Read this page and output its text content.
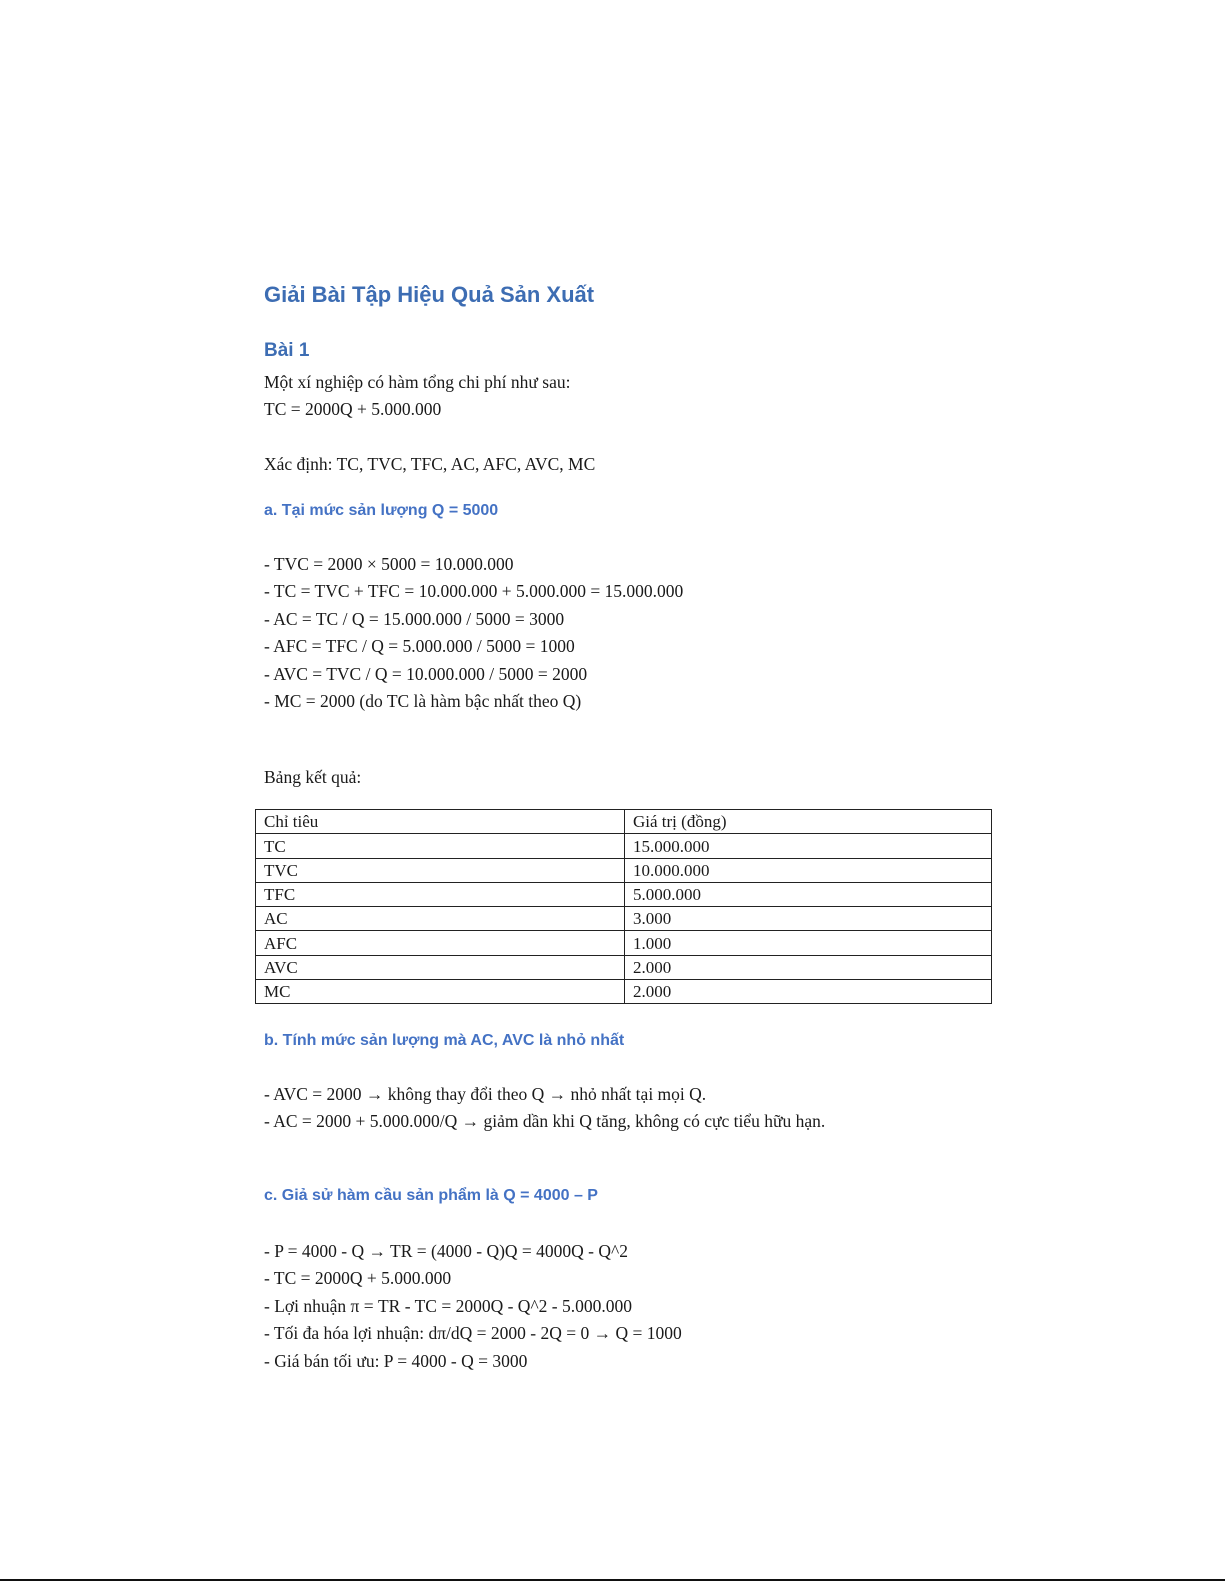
Giải Bài Tập Hiệu Quả Sản Xuất
Bài 1

Một xí nghiệp có hàm tổng chi phí như sau:

TC = 2000Q + 5.000.000

Xác định: TC, TVC, TFC, AC, AFC, AVC, MC

a. Tại mức sản lượng Q = 5000
- TVC = 2000 × 5000 = 10.000.000
- TC = TVC + TFC = 10.000.000 + 5.000.000 = 15.000.000
- AC = TC / Q = 15.000.000 / 5000 = 3000
- AFC = TFC / Q = 5.000.000 / 5000 = 1000
- AVC = TVC / Q = 10.000.000 / 5000 = 2000
- MC = 2000 (do TC là hàm bậc nhất theo Q)

Bảng kết quả:

Chỉ tiêu	Giá trị (đồng)
TC	15.000.000
TVC	10.000.000
TFC	5.000.000
AC	3.000
AFC	1.000
AVC	2.000
MC	2.000
b. Tính mức sản lượng mà AC, AVC là nhỏ nhất
- AVC = 2000 → không thay đổi theo Q → nhỏ nhất tại mọi Q.
- AC = 2000 + 5.000.000/Q → giảm dần khi Q tăng, không có cực tiểu hữu hạn.
c. Giả sử hàm cầu sản phẩm là Q = 4000 – P
- P = 4000 - Q → TR = (4000 - Q)Q = 4000Q - Q^2
- TC = 2000Q + 5.000.000
- Lợi nhuận π = TR - TC = 2000Q - Q^2 - 5.000.000
- Tối đa hóa lợi nhuận: dπ/dQ = 2000 - 2Q = 0 → Q = 1000
- Giá bán tối ưu: P = 4000 - Q = 3000
